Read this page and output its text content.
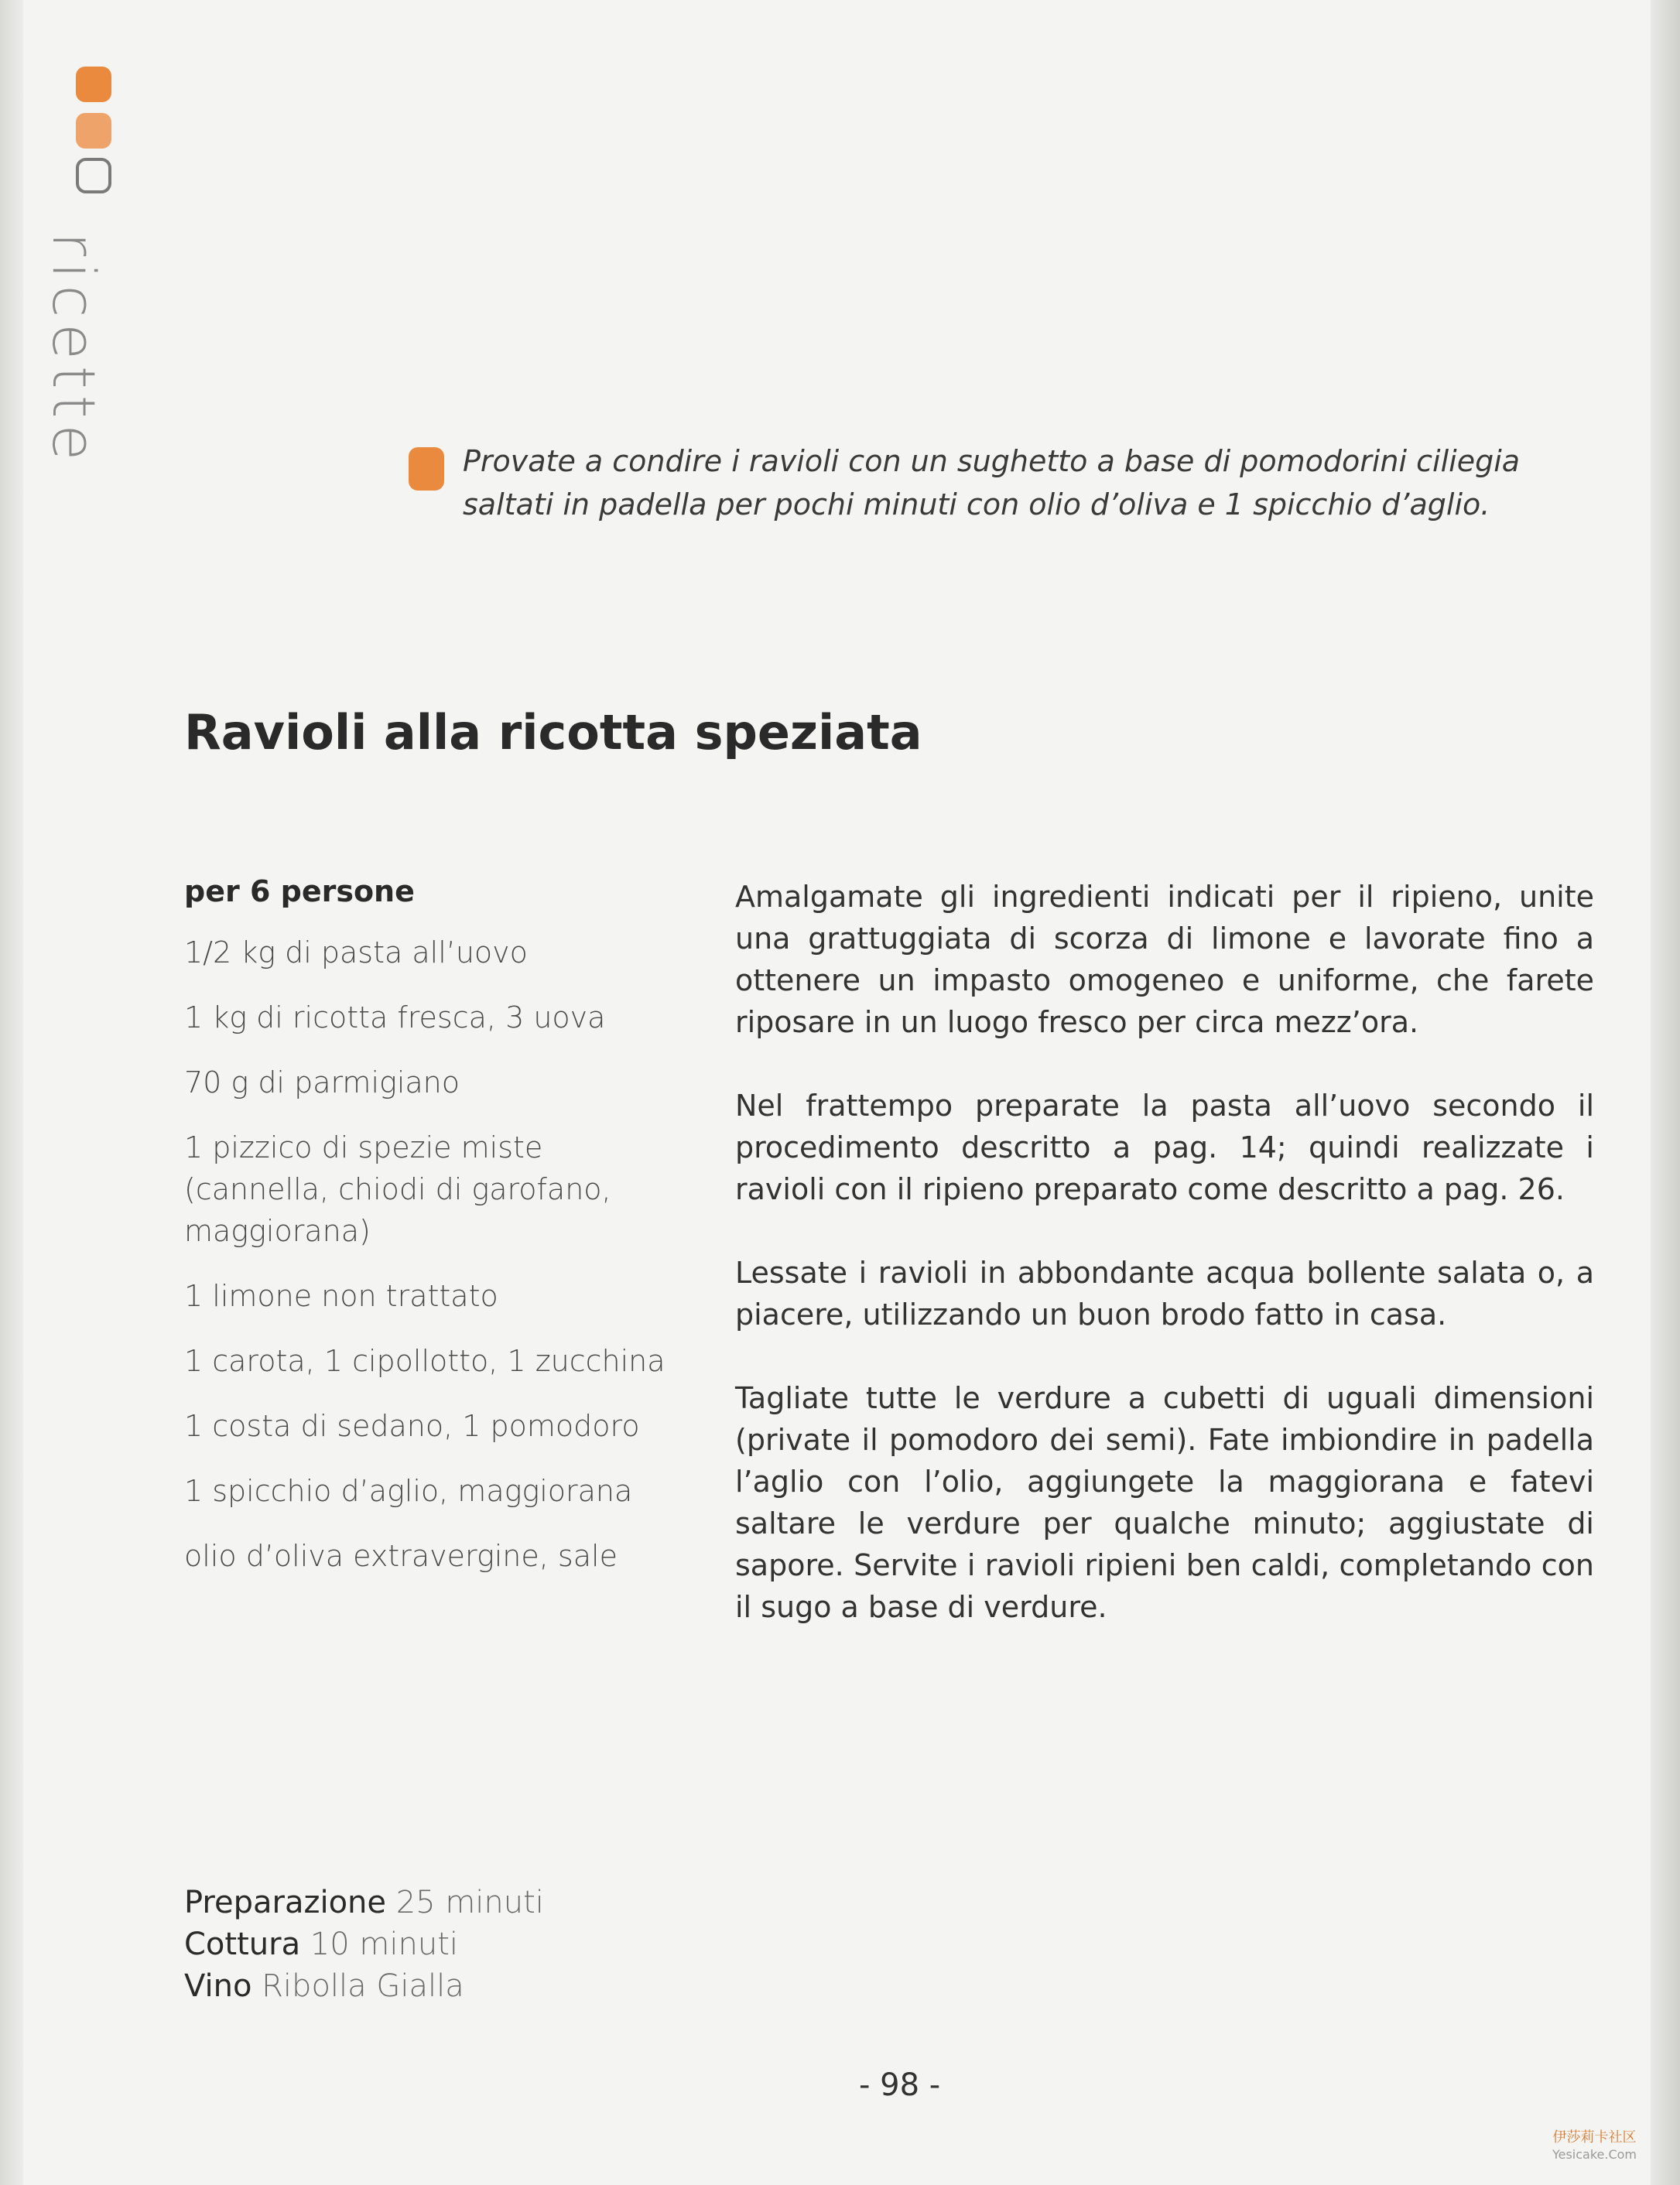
ricette	Provate a condire i ravioli con un sughetto a base di pomodorini ciliegia
saltati in padella per pochi minuti con olio d’oliva e 1 spicchio d’aglio.
Ravioli alla ricotta speziata
per 6 persone
1/2 kg di pasta all’uovo
1 kg di ricotta fresca, 3 uova
70 g di parmigiano
1 pizzico di spezie miste
(cannella, chiodi di garofano,
maggiorana)
1 limone non trattato
1 carota, 1 cipollotto, 1 zucchina
1 costa di sedano, 1 pomodoro
1 spicchio d’aglio, maggiorana
olio d’oliva extravergine, sale

Amalgamate gli ingredienti indicati per il ripieno, unite una grattuggiata di scorza di limone e lavorate fino a ottenere un impasto omogeneo e uniforme, che farete riposare in un luogo fresco per circa mezz’ora.

Nel frattempo preparate la pasta all’uovo secondo il procedimento descritto a pag. 14; quindi realizzate i ravioli con il ripieno preparato come descritto a pag. 26.

Lessate i ravioli in abbondante acqua bollente salata o, a piacere, utilizzando un buon brodo fatto in casa.

Tagliate tutte le verdure a cubetti di uguali dimensioni (private il pomodoro dei semi). Fate imbiondire in padella l’aglio con l’olio, aggiungete la maggiorana e fatevi saltare le verdure per qualche minuto; aggiustate di sapore. Servite i ravioli ripieni ben caldi, completando con il sugo a base di verdure.

Preparazione 25 minuti
Cottura 10 minuti
Vino Ribolla Gialla
- 98 -
伊莎莉卡社区
Yesicake.Com
